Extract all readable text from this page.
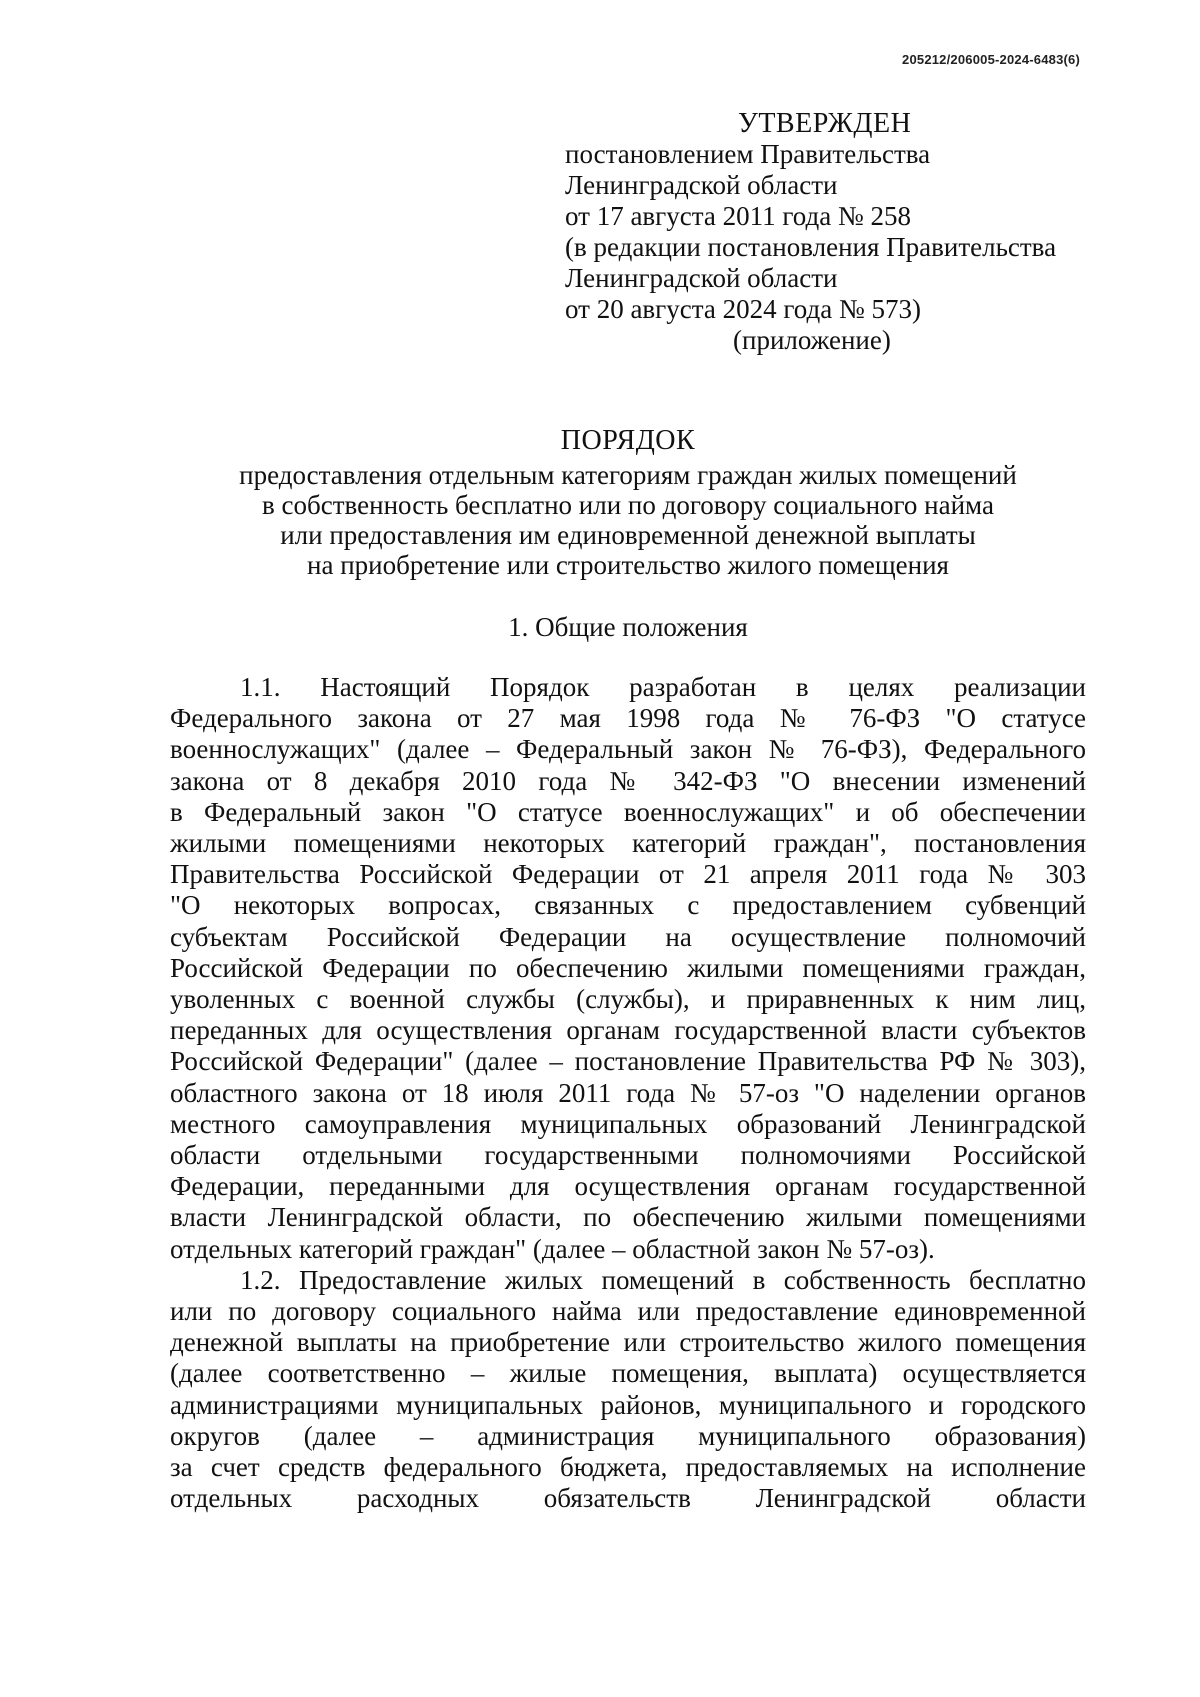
205212/206005-2024-6483(6)
УТВЕРЖДЕН
постановлением Правительства
Ленинградской области
от 17 августа 2011 года № 258
(в редакции постановления Правительства
Ленинградской области
от 20 августа 2024 года № 573)
(приложение)
ПОРЯДОК
предоставления отдельным категориям граждан жилых помещений
в собственность бесплатно или по договору социального найма
или предоставления им единовременной денежной выплаты
на приобретение или строительство жилого помещения
1. Общие положения
1.1. Настоящий Порядок разработан в целях реализации
Федерального закона от 27 мая 1998 года № 76-ФЗ "О статусе
военнослужащих" (далее – Федеральный закон № 76-ФЗ), Федерального
закона от 8 декабря 2010 года № 342-ФЗ "О внесении изменений
в Федеральный закон "О статусе военнослужащих" и об обеспечении
жилыми помещениями некоторых категорий граждан", постановления
Правительства Российской Федерации от 21 апреля 2011 года № 303
"О некоторых вопросах, связанных с предоставлением субвенций
субъектам Российской Федерации на осуществление полномочий
Российской Федерации по обеспечению жилыми помещениями граждан,
уволенных с военной службы (службы), и приравненных к ним лиц,
переданных для осуществления органам государственной власти субъектов
Российской Федерации" (далее – постановление Правительства РФ № 303),
областного закона от 18 июля 2011 года № 57-оз "О наделении органов
местного самоуправления муниципальных образований Ленинградской
области отдельными государственными полномочиями Российской
Федерации, переданными для осуществления органам государственной
власти Ленинградской области, по обеспечению жилыми помещениями
отдельных категорий граждан" (далее – областной закон № 57-оз).
1.2. Предоставление жилых помещений в собственность бесплатно
или по договору социального найма или предоставление единовременной
денежной выплаты на приобретение или строительство жилого помещения
(далее соответственно – жилые помещения, выплата) осуществляется
администрациями муниципальных районов, муниципального и городского
округов (далее – администрация муниципального образования)
за счет средств федерального бюджета, предоставляемых на исполнение
отдельных расходных обязательств Ленинградской области
